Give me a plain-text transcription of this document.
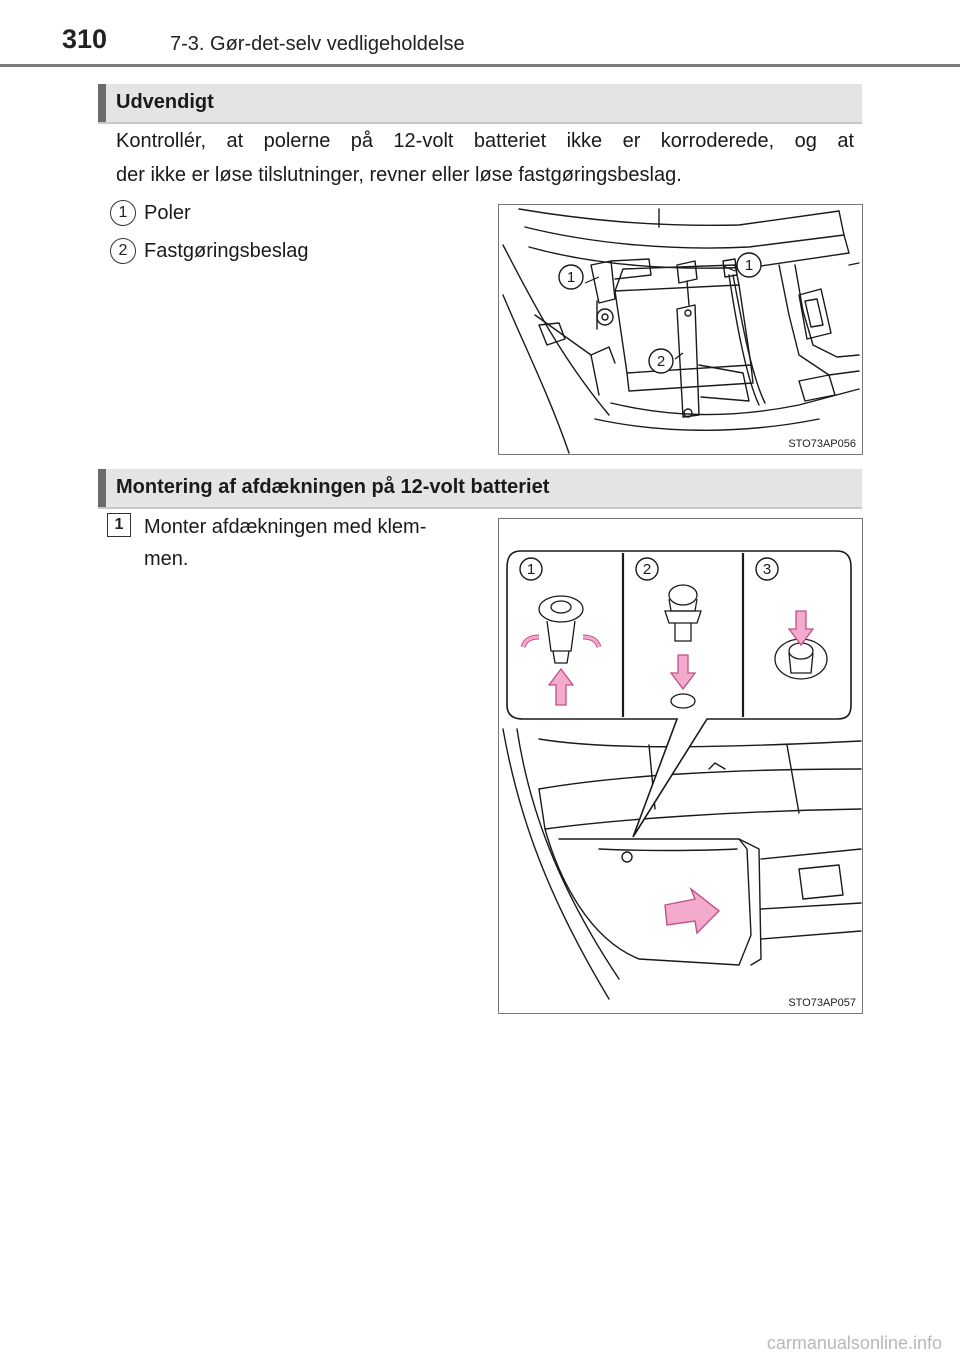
310	7-3. Gør-det-selv vedligeholdelse
Udvendigt
Kontrollér, at polerne på 12-volt batteriet ikke er korroderede, og at
der ikke er løse tilslutninger, revner eller løse fastgøringsbeslag.
1 Poler
2 Fastgøringsbeslag
1
1
2
STO73AP056
Montering af afdækningen på 12-volt batteriet
1	Monter afdækningen med klem-
men.	1	2	3
STO73AP057
carmanualsonline.info
